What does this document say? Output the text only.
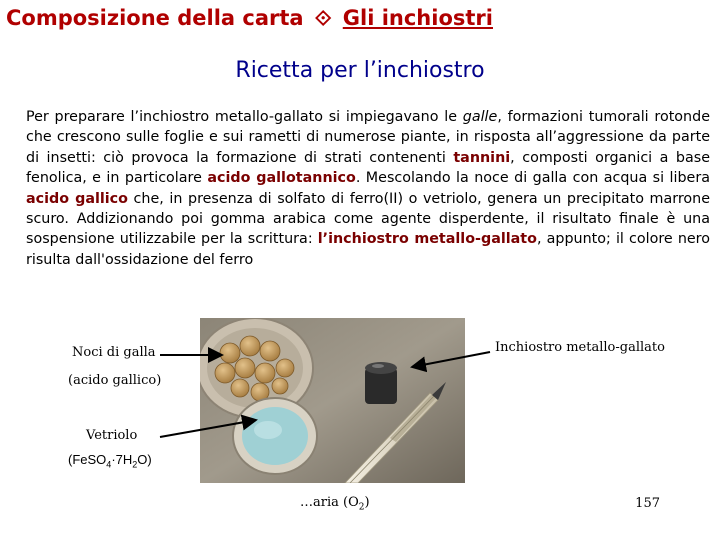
Composizione della carta ⟐ Gli inchiostri
Ricetta per l’inchiostro
Per preparare l’inchiostro metallo-gallato si impiegavano le galle, formazioni tumorali rotonde che crescono sulle foglie e sui rametti di numerose piante, in risposta all’aggressione da parte di insetti: ciò provoca la formazione di strati contenenti tannini, composti organici a base fenolica, e in particolare acido gallotannico. Mescolando la noce di galla con acqua si libera acido gallico che, in presenza di solfato di ferro(II) o vetriolo, genera un precipitato marrone scuro. Addizionando poi gomma arabica come agente disperdente, il risultato finale è una sospensione utilizzabile per la scrittura: l’inchiostro metallo-gallato, appunto; il colore nero risulta dall'ossidazione del ferro
Noci di galla
(acido gallico)
Inchiostro metallo-gallato
Vetriolo
$(FeSO_4\cdot 7H_2O)$
…aria $(O_2)$	157
